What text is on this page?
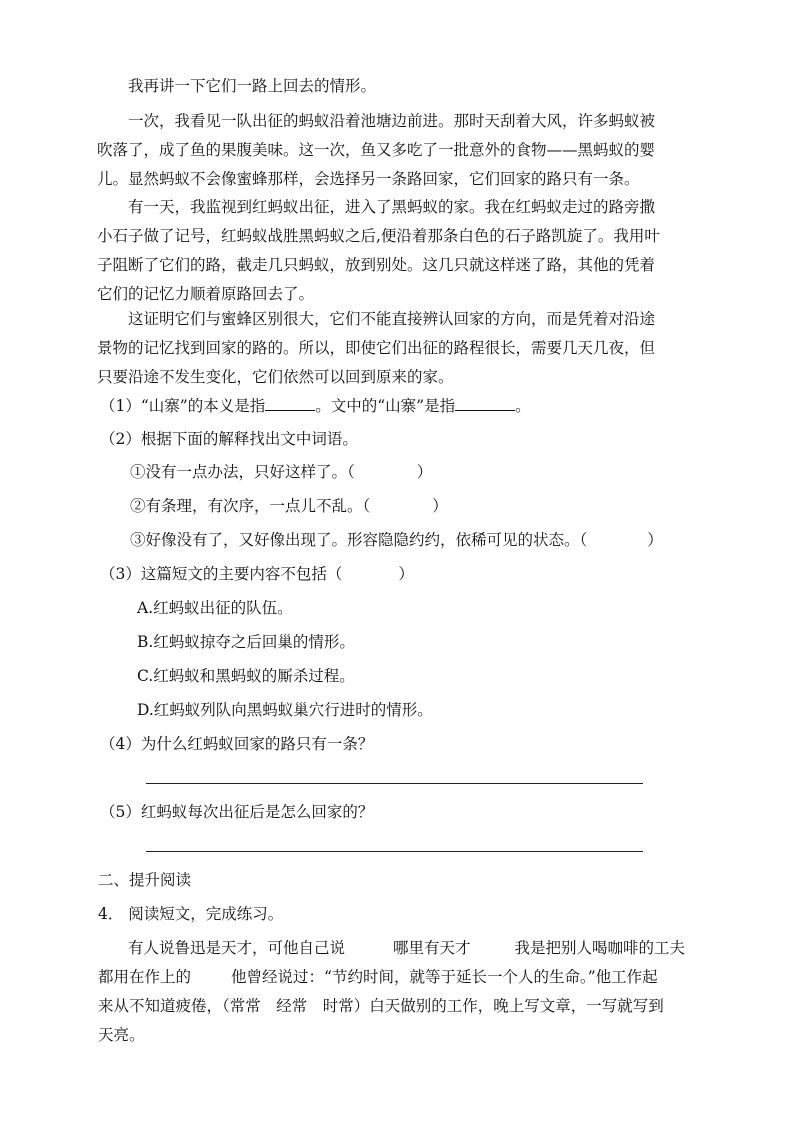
我再讲一下它们一路上回去的情形。

一次，我看见一队出征的蚂蚁沿着池塘边前进。那时天刮着大风，许多蚂蚁被吹落了，成了鱼的果腹美味。这一次，鱼又多吃了一批意外的食物——黑蚂蚁的婴儿。显然蚂蚁不会像蜜蜂那样，会选择另一条路回家，它们回家的路只有一条。

有一天，我监视到红蚂蚁出征，进入了黑蚂蚁的家。我在红蚂蚁走过的路旁撒小石子做了记号，红蚂蚁战胜黑蚂蚁之后,便沿着那条白色的石子路凯旋了。我用叶子阻断了它们的路，截走几只蚂蚁，放到别处。这几只就这样迷了路，其他的凭着它们的记忆力顺着原路回去了。

这证明它们与蜜蜂区别很大，它们不能直接辨认回家的方向，而是凭着对沿途景物的记忆找到回家的路的。所以，即使它们出征的路程很长，需要几天几夜，但只要沿途不发生变化，它们依然可以回到原来的家。

（1）“山寨”的本义是指	。文中的“山寨”是指	。
（2）根据下面的解释找出文中词语。
①没有一点办法，只好这样了。（	）
②有条理，有次序，一点儿不乱。（	）
③好像没有了，又好像出现了。形容隐隐约约，依稀可见的状态。（	）
（3）这篇短文的主要内容不包括（	）
A.红蚂蚁出征的队伍。
B.红蚂蚁掠夺之后回巢的情形。
C.红蚂蚁和黑蚂蚁的厮杀过程。
D.红蚂蚁列队向黑蚂蚁巢穴行进时的情形。
（4）为什么红蚂蚁回家的路只有一条？
（5）红蚂蚁每次出征后是怎么回家的？
二、提升阅读
4． 阅读短文，完成练习。
有人说鲁迅是天才，可他自己说	哪里有天才	我是把别人喝咖啡的工夫
都用在作上的	他曾经说过：“节约时间，就等于延长一个人的生命。”他工作起
来从不知道疲倦，（常常　经常　时常）白天做别的工作，晚上写文章，一写就写到
天亮。
